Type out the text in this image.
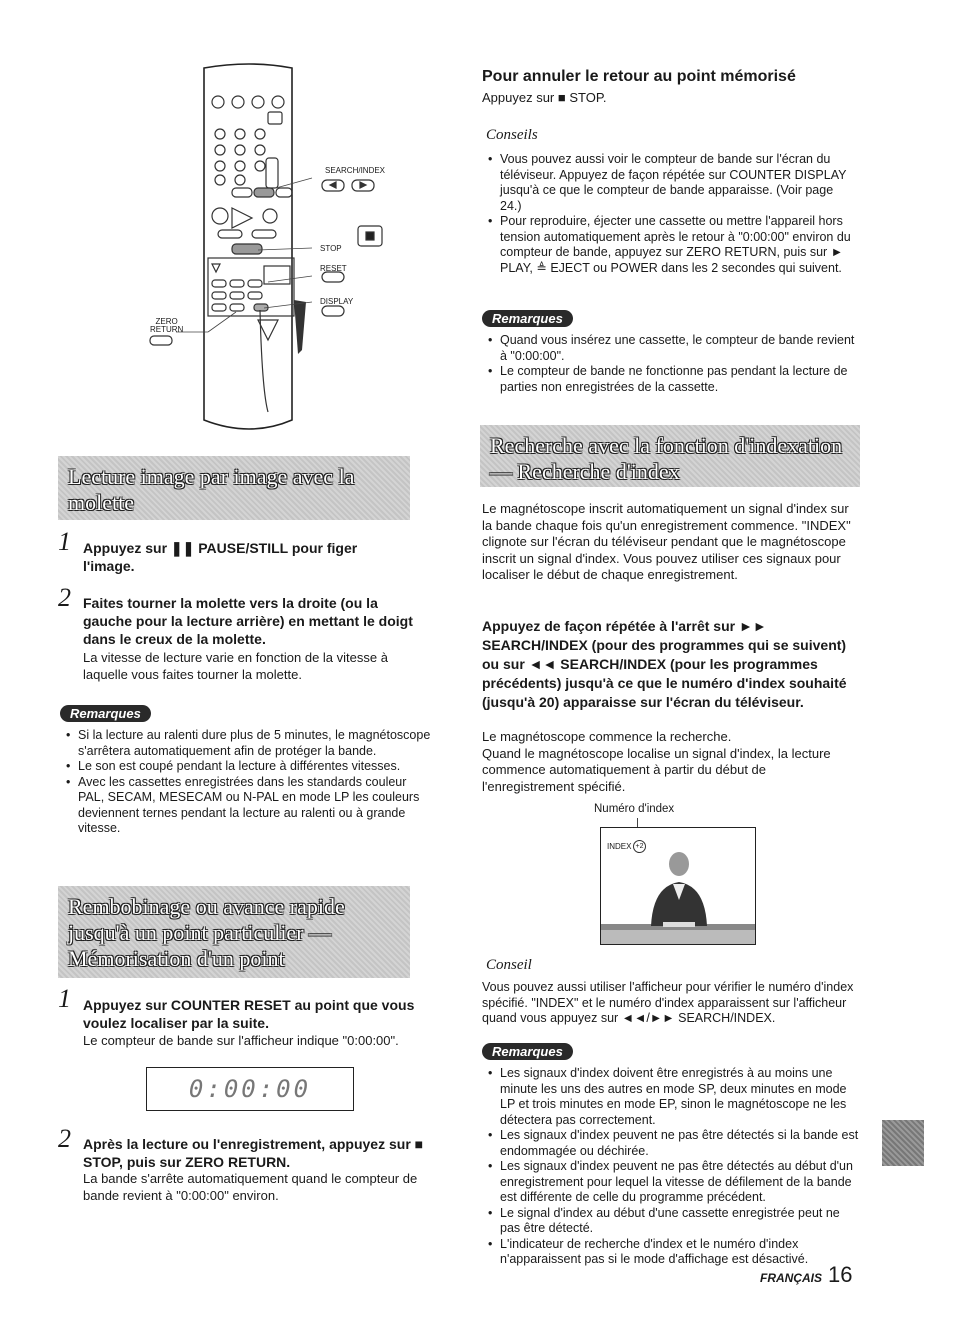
SEARCH/INDEX
STOP
RESET
DISPLAY
ZERO
RETURN
Pour annuler le retour au point mémorisé
Appuyez sur ■ STOP.
Conseils
• Vous pouvez aussi voir le compteur de bande sur l'écran du téléviseur. Appuyez de façon répétée sur COUNTER DISPLAY jusqu'à ce que le compteur de bande apparaisse. (Voir page 24.)
• Pour reproduire, éjecter une cassette ou mettre l'appareil hors tension automatiquement après le retour à "0:00:00" environ du compteur de bande, appuyez sur ZERO RETURN, puis sur ► PLAY, ≜ EJECT ou POWER dans les 2 secondes qui suivent.
Remarques
• Quand vous insérez une cassette, le compteur de bande revient à "0:00:00".
• Le compteur de bande ne fonctionne pas pendant la lecture de parties non enregistrées de la cassette.
Lecture image par image avec la molette
1 Appuyez sur ❚❚ PAUSE/STILL pour figer l'image.
2 Faites tourner la molette vers la droite (ou la gauche pour la lecture arrière) en mettant le doigt dans le creux de la molette.
La vitesse de lecture varie en fonction de la vitesse à laquelle vous faites tourner la molette.
Remarques
• Si la lecture au ralenti dure plus de 5 minutes, le magnétoscope s'arrêtera automatiquement afin de protéger la bande.
• Le son est coupé pendant la lecture à différentes vitesses.
• Avec les cassettes enregistrées dans les standards couleur PAL, SECAM, MESECAM ou N-PAL en mode LP les couleurs deviennent ternes pendant la lecture au ralenti ou à grande vitesse.
Rembobinage ou avance rapide jusqu'à un point particulier — Mémorisation d'un point
1 Appuyez sur COUNTER RESET au point que vous voulez localiser par la suite.
Le compteur de bande sur l'afficheur indique "0:00:00".
0:00:00
2 Après la lecture ou l'enregistrement, appuyez sur ■ STOP, puis sur ZERO RETURN.
La bande s'arrête automatiquement quand le compteur de bande revient à "0:00:00" environ.
Recherche avec la fonction d'indexation — Recherche d'index
Le magnétoscope inscrit automatiquement un signal d'index sur la bande chaque fois qu'un enregistrement commence. "INDEX" clignote sur l'écran du téléviseur pendant que le magnétoscope inscrit un signal d'index. Vous pouvez utiliser ces signaux pour localiser le début de chaque enregistrement.
Appuyez de façon répétée à l'arrêt sur ►► SEARCH/INDEX (pour des programmes qui se suivent) ou sur ◄◄ SEARCH/INDEX (pour les programmes précédents) jusqu'à ce que le numéro d'index souhaité (jusqu'à 20) apparaisse sur l'écran du téléviseur.
Le magnétoscope commence la recherche.
Quand le magnétoscope localise un signal d'index, la lecture commence automatiquement à partir du début de l'enregistrement spécifié.
Numéro d'index
INDEX +2
Conseil
Vous pouvez aussi utiliser l'afficheur pour vérifier le numéro d'index spécifié. "INDEX" et le numéro d'index apparaissent sur l'afficheur quand vous appuyez sur ◄◄/►► SEARCH/INDEX.
Remarques
• Les signaux d'index doivent être enregistrés à au moins une minute les uns des autres en mode SP, deux minutes en mode LP et trois minutes en mode EP, sinon le magnétoscope ne les détectera pas correctement.
• Les signaux d'index peuvent ne pas être détectés si la bande est endommagée ou déchirée.
• Les signaux d'index peuvent ne pas être détectés au début d'un enregistrement pour lequel la vitesse de défilement de la bande est différente de celle du programme précédent.
• Le signal d'index au début d'une cassette enregistrée peut ne pas être détecté.
• L'indicateur de recherche d'index et le numéro d'index n'apparaissent pas si le mode d'affichage est désactivé.
FRANÇAIS 16
